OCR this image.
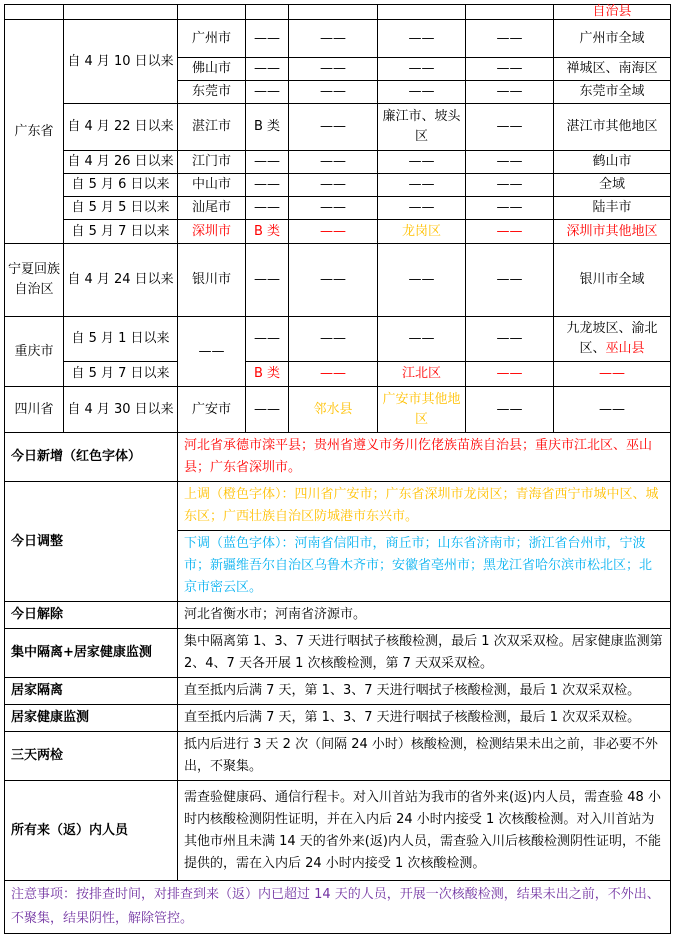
							自治县
广东省	自 4 月 10 日以来	广州市	——	——	——	——	广州市全域
		佛山市	——	——	——	——	禅城区、南海区
		东莞市	——	——	——	——	东莞市全域
	自 4 月 22 日以来	湛江市	B 类	——	廉江市、坡头区	——	湛江市其他地区
	自 4 月 26 日以来	江门市	——	——	——	——	鹤山市
	自 5 月 6 日以来	中山市	——	——	——	——	全域
	自 5 月 5 日以来	汕尾市	——	——	——	——	陆丰市
	自 5 月 7 日以来	深圳市	B 类	——	龙岗区	——	深圳市其他地区
宁夏回族自治区	自 4 月 24 日以来	银川市	——	——	——	——	银川市全域
重庆市	自 5 月 1 日以来	——	——	——	——	——	九龙坡区、渝北区、巫山县
	自 5 月 7 日以来		B 类	——	江北区	——	——
四川省	自 4 月 30 日以来	广安市	——	邻水县	广安市其他地区	——	——
今日新增（红色字体）		河北省承德市滦平县；贵州省遵义市务川仡佬族苗族自治县；重庆市江北区、巫山县；广东省深圳市。					
今日调整		上调（橙色字体）：四川省广安市；广东省深圳市龙岗区；青海省西宁市城中区、城东区；广西壮族自治区防城港市东兴市。					
		下调（蓝色字体）：河南省信阳市，商丘市；山东省济南市；浙江省台州市，宁波市；新疆维吾尔自治区乌鲁木齐市；安徽省亳州市；黑龙江省哈尔滨市松北区；北京市密云区。					
今日解除		河北省衡水市；河南省济源市。					
集中隔离+居家健康监测		集中隔离第 1、3、7 天进行咽拭子核酸检测，最后 1 次双采双检。居家健康监测第 2、4、7 天各开展 1 次核酸检测，第 7 天双采双检。					
居家隔离		直至抵内后满 7 天，第 1、3、7 天进行咽拭子核酸检测，最后 1 次双采双检。					
居家健康监测		直至抵内后满 7 天，第 1、3、7 天进行咽拭子核酸检测，最后 1 次双采双检。					
三天两检		抵内后进行 3 天 2 次（间隔 24 小时）核酸检测，检测结果未出之前，非必要不外出，不聚集。					
所有来（返）内人员		需查验健康码、通信行程卡。对入川首站为我市的省外来(返)内人员，需查验 48 小时内核酸检测阴性证明，并在入内后 24 小时内接受 1 次核酸检测。对入川首站为其他市州且未满 14 天的省外来(返)内人员，需查验入川后核酸检测阴性证明，不能提供的，需在入内后 24 小时内接受 1 次核酸检测。					
注意事项：按排查时间，对排查到来（返）内已超过 14 天的人员，开展一次核酸检测，结果未出之前，不外出、不聚集，结果阴性，解除管控。							
